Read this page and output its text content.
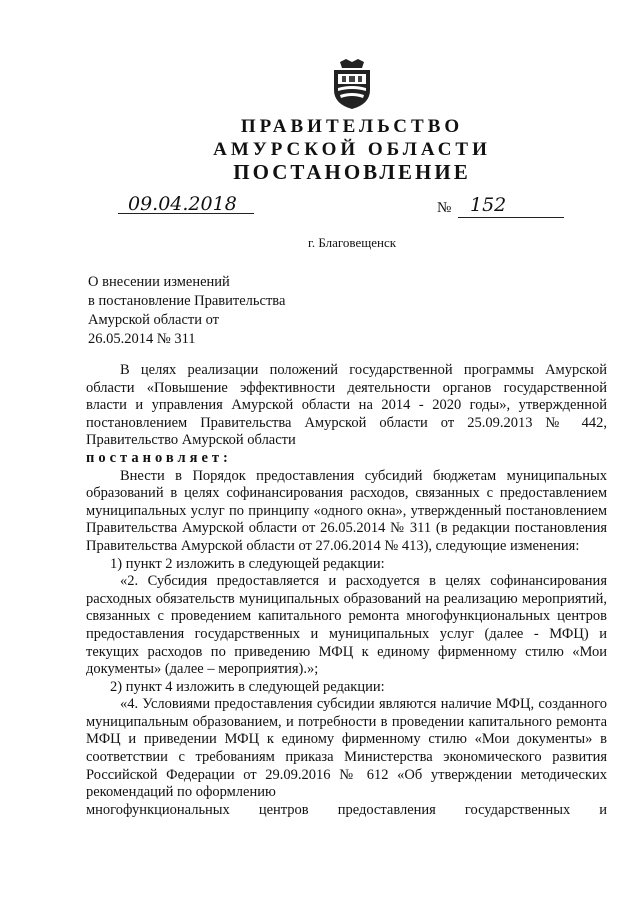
ПРАВИТЕЛЬСТВО
АМУРСКОЙ ОБЛАСТИ
ПОСТАНОВЛЕНИЕ
09.04.2018	№ 152
г. Благовещенск
О внесении изменений
в постановление Правительства
Амурской области от
26.05.2014 № 311

В целях реализации положений государственной программы Амурской области «Повышение эффективности деятельности органов государственной власти и управления Амурской области на 2014 - 2020 годы», утвержденной постановлением Правительства Амурской области от 25.09.2013 № 442, Правительство Амурской области

постановляет:

Внести в Порядок предоставления субсидий бюджетам муниципальных образований в целях софинансирования расходов, связанных с предоставлением муниципальных услуг по принципу «одного окна», утвержденный постановлением Правительства Амурской области от 26.05.2014 № 311 (в редакции постановления Правительства Амурской области от 27.06.2014 № 413), следующие изменения:

1) пункт 2 изложить в следующей редакции:

«2. Субсидия предоставляется и расходуется в целях софинансирования расходных обязательств муниципальных образований на реализацию мероприятий, связанных с проведением капитального ремонта многофункциональных центров предоставления государственных и муниципальных услуг (далее - МФЦ) и текущих расходов по приведению МФЦ к единому фирменному стилю «Мои документы» (далее – мероприятия).»;

2) пункт 4 изложить в следующей редакции:

«4. Условиями предоставления субсидии являются наличие МФЦ, созданного муниципальным образованием, и потребности в проведении капитального ремонта МФЦ и приведении МФЦ к единому фирменному стилю «Мои документы» в соответствии с требованиям приказа Министерства экономического развития Российской Федерации от 29.09.2016 № 612 «Об утверждении методических рекомендаций по оформлению

многофункциональных центров предоставления государственных и
